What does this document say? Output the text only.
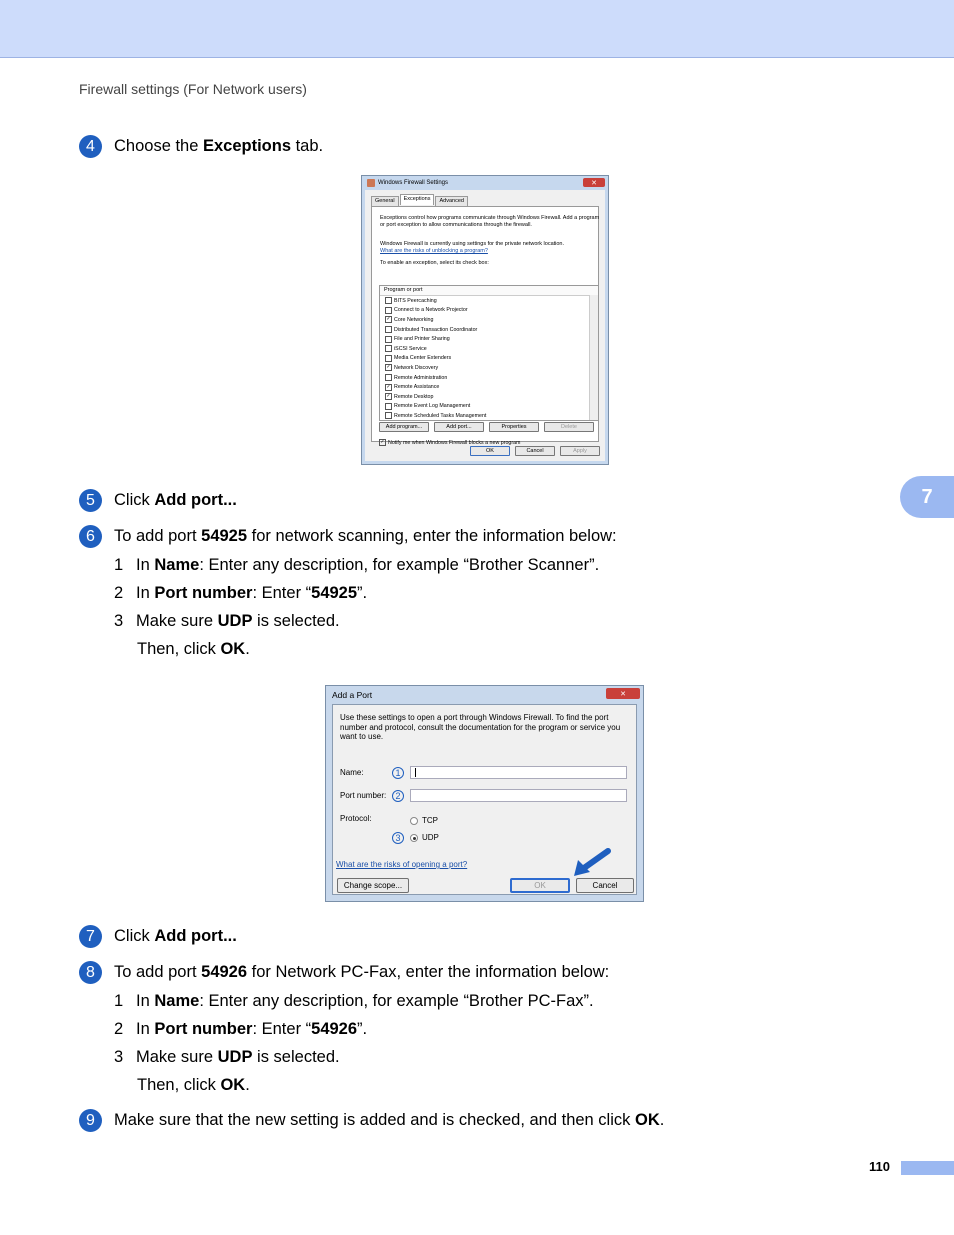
Firewall settings (For Network users)
4	Choose the Exceptions tab.
Windows Firewall Settings	✕
General	Exceptions	Advanced

Exceptions control how programs communicate through Windows Firewall. Add a program or port exception to allow communications through the firewall.

Windows Firewall is currently using settings for the private network location.

What are the risks of unblocking a program?

To enable an exception, select its check box:

Program or port
BITS Peercaching
Connect to a Network Projector
✓ Core Networking
Distributed Transaction Coordinator
File and Printer Sharing
iSCSI Service
Media Center Extenders
✓ Network Discovery
Remote Administration
✓ Remote Assistance
✓ Remote Desktop
Remote Event Log Management
Remote Scheduled Tasks Management
Add program...	Add port...	Properties	Delete
✓ Notify me when Windows Firewall blocks a new program
OK	Cancel	Apply
5	Click Add port...
6	To add port 54925 for network scanning, enter the information below:
1 In Name: Enter any description, for example “Brother Scanner”.
2 In Port number: Enter “54925”.
3 Make sure UDP is selected.
Then, click OK.
Add a Port	✕
Use these settings to open a port through Windows Firewall. To find the port number and protocol, consult the documentation for the program or service you want to use.
Name:	1
Port number:	2
Protocol:	TCP
3	UDP
What are the risks of opening a port?
Change scope...	OK	Cancel
7	Click Add port...
8	To add port 54926 for Network PC-Fax, enter the information below:
1 In Name: Enter any description, for example “Brother PC-Fax”.
2 In Port number: Enter “54926”.
3 Make sure UDP is selected.
Then, click OK.
9	Make sure that the new setting is added and is checked, and then click OK.
7
110
